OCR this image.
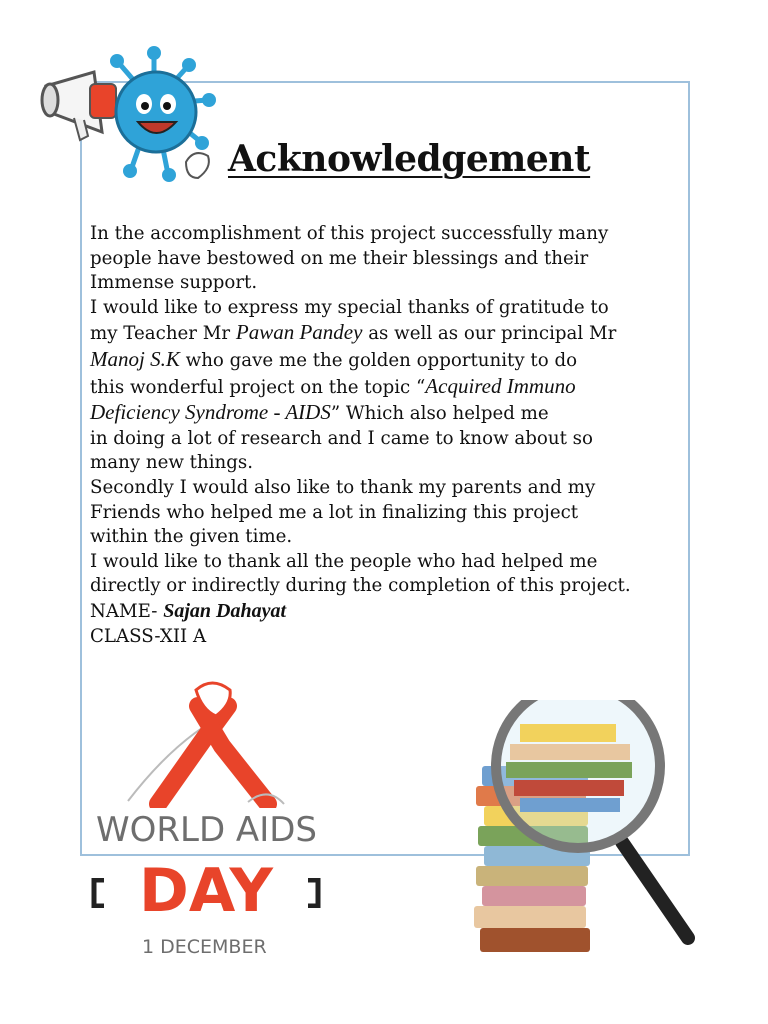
Acknowledgement
In the accomplishment of this project successfully many
people have bestowed on me their blessings and their
Immense support.
I would like to express my special thanks of gratitude to
my Teacher Mr Pawan Pandey as well as our principal Mr
Manoj S.K who gave me the golden opportunity to do
this wonderful project on the topic “Acquired Immuno
Deficiency Syndrome - AIDS” Which also helped me
in doing a lot of research and I came to know about so
many new things.
Secondly I would also like to thank my parents and my
Friends who helped me a lot in finalizing this project
within the given time.
I would like to thank all the people who had helped me
directly or indirectly during the completion of this project.
NAME- Sajan Dahayat
CLASS-XII A
WORLD AIDS
DAY
1 DECEMBER
